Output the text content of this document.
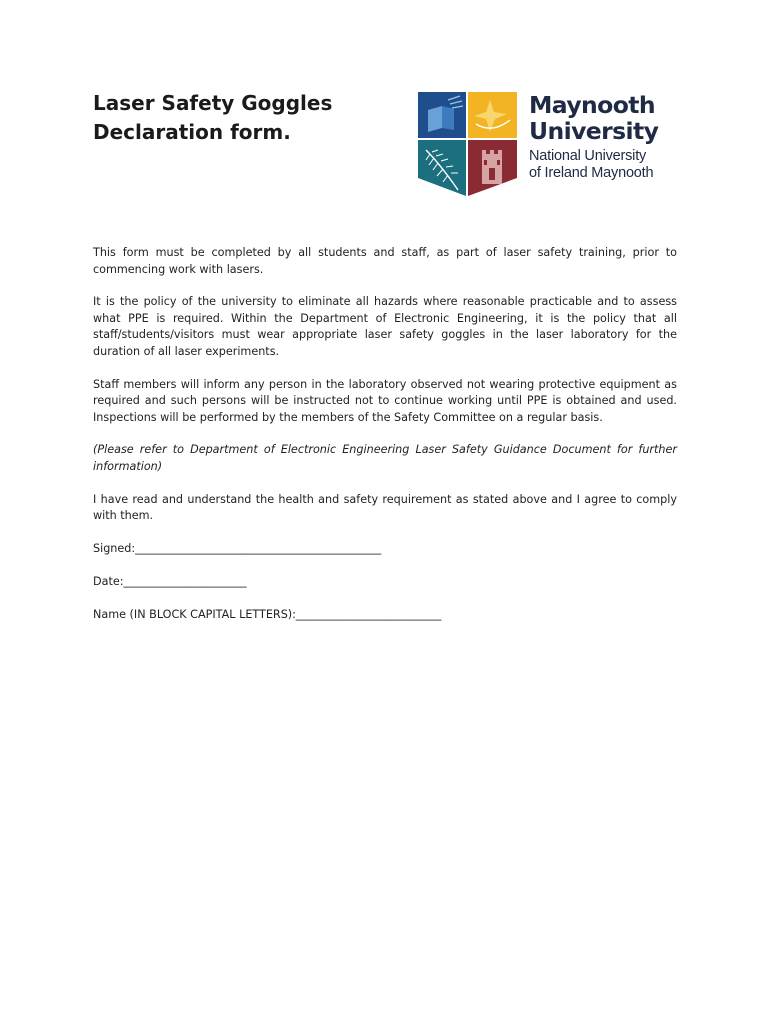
Laser Safety Goggles
Declaration form.
Maynooth
University
National University
of Ireland Maynooth

This form must be completed by all students and staff, as part of laser safety training, prior to commencing work with lasers.

It is the policy of the university to eliminate all hazards where reasonable practicable and to assess what PPE is required. Within the Department of Electronic Engineering, it is the policy that all staff/students/visitors must wear appropriate laser safety goggles in the laser laboratory for the duration of all laser experiments.

Staff members will inform any person in the laboratory observed not wearing protective equipment as required and such persons will be instructed not to continue working until PPE is obtained and used. Inspections will be performed by the members of the Safety Committee on a regular basis.

(Please refer to Department of Electronic Engineering Laser Safety Guidance Document for further information)

I have read and understand the health and safety requirement as stated above and I agree to comply with them.

Signed:____________________________________________
Date:______________________
Name (IN BLOCK CAPITAL LETTERS):__________________________
